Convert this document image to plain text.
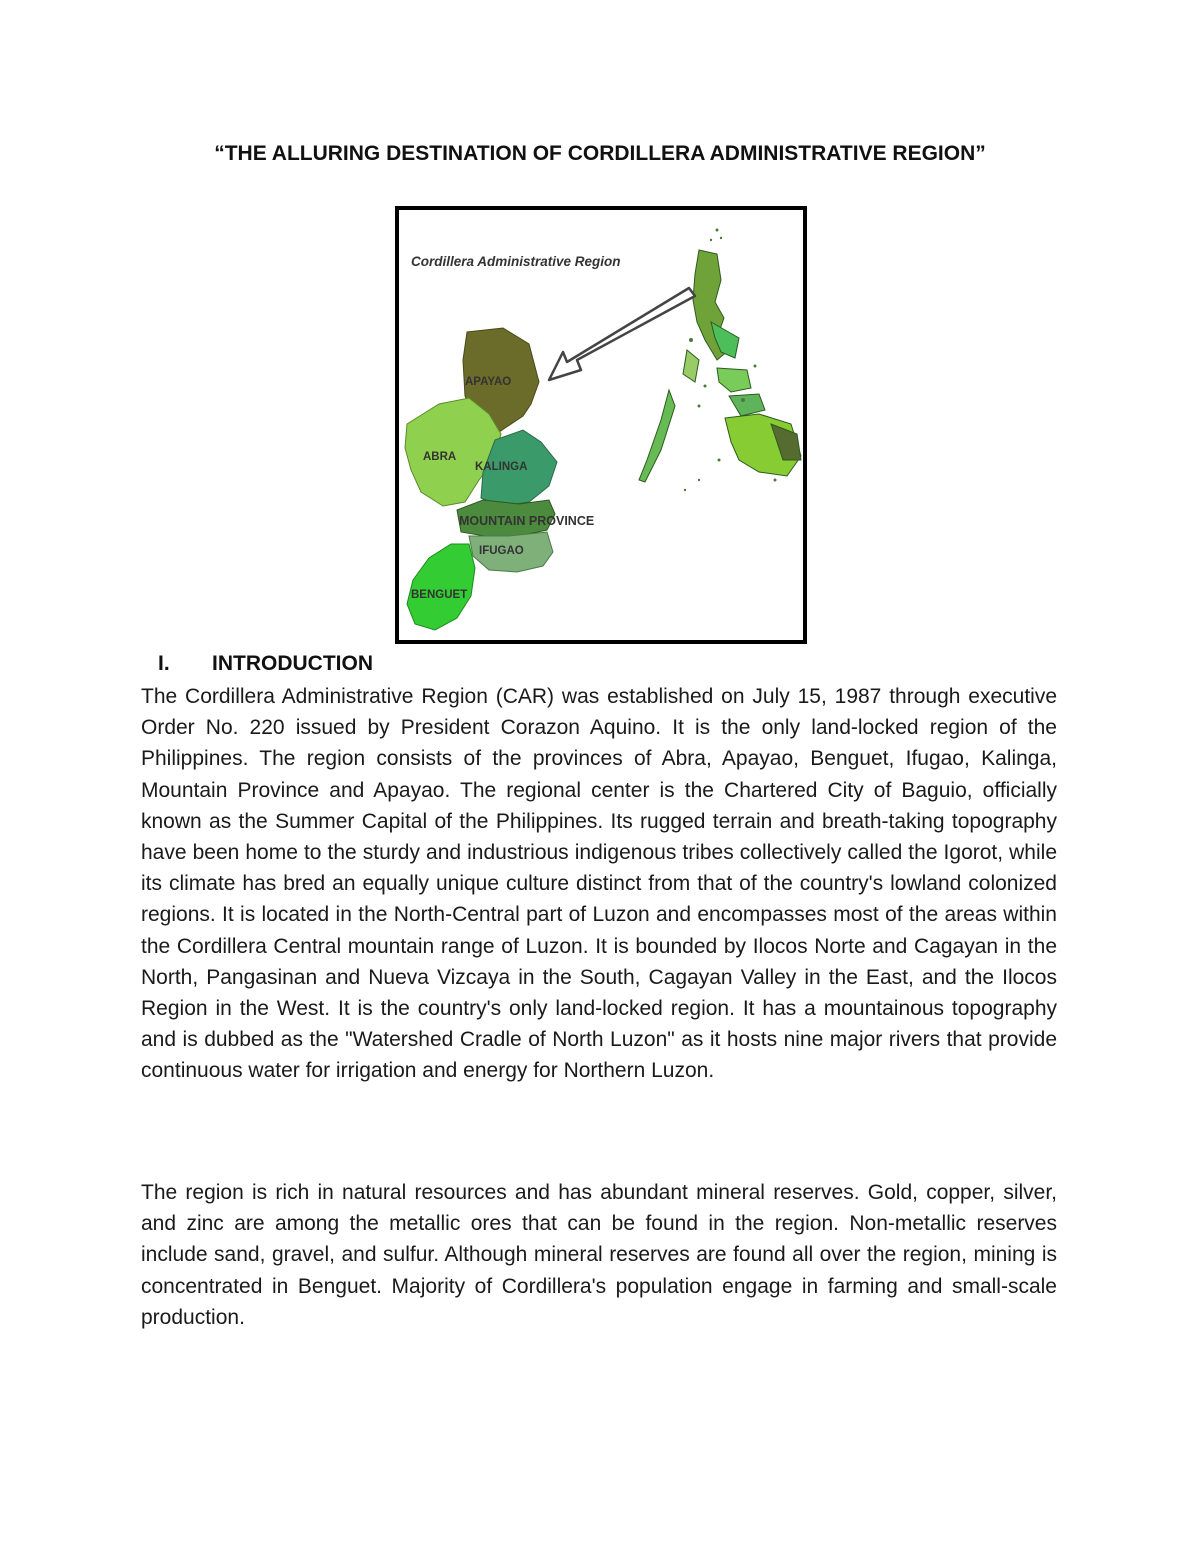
“THE ALLURING DESTINATION OF CORDILLERA ADMINISTRATIVE REGION”
Cordillera Administrative Region
APAYAO
ABRA
KALINGA
MOUNTAIN PROVINCE
IFUGAO
BENGUET
I. INTRODUCTION

The Cordillera Administrative Region (CAR) was established on July 15, 1987 through executive Order No. 220 issued by President Corazon Aquino. It is the only land-locked region of the Philippines. The region consists of the provinces of Abra, Apayao, Benguet, Ifugao, Kalinga, Mountain Province and Apayao. The regional center is the Chartered City of Baguio, officially known as the Summer Capital of the Philippines. Its rugged terrain and breath-taking topography have been home to the sturdy and industrious indigenous tribes collectively called the Igorot, while its climate has bred an equally unique culture distinct from that of the country's lowland colonized regions. It is located in the North-Central part of Luzon and encompasses most of the areas within the Cordillera Central mountain range of Luzon. It is bounded by Ilocos Norte and Cagayan in the North, Pangasinan and Nueva Vizcaya in the South, Cagayan Valley in the East, and the Ilocos Region in the West. It is the country's only land-locked region. It has a mountainous topography and is dubbed as the "Watershed Cradle of North Luzon" as it hosts nine major rivers that provide continuous water for irrigation and energy for Northern Luzon.

The region is rich in natural resources and has abundant mineral reserves. Gold, copper, silver, and zinc are among the metallic ores that can be found in the region. Non-metallic reserves include sand, gravel, and sulfur. Although mineral reserves are found all over the region, mining is concentrated in Benguet. Majority of Cordillera's population engage in farming and small-scale production.
